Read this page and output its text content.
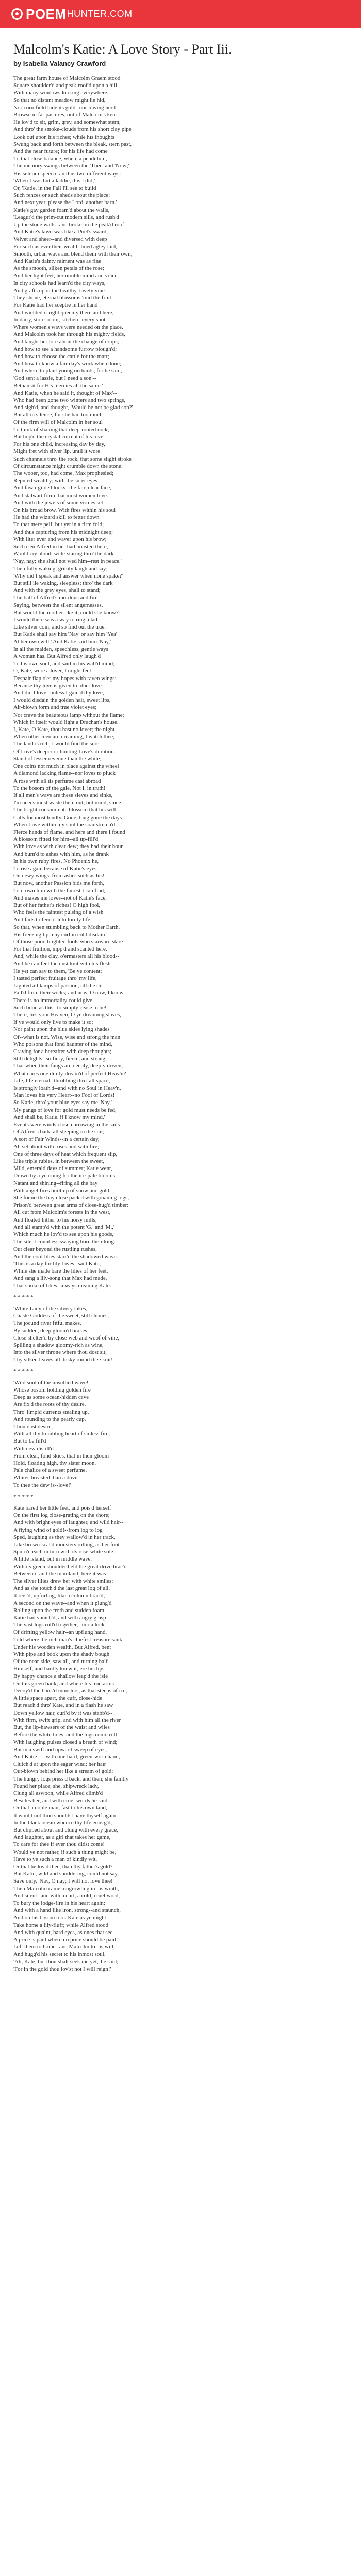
POEM HUNTER.COM
Malcolm's Katie: A Love Story - Part Iii.
by Isabella Valancy Crawford
The great farm house of Malcolm Graem stood
Square-shoulder'd and peak-roof'd upon a hill,
With many windows looking everywhere;
So that no distant meadow might lie hid,
Nor corn-field hide its gold--nor lowing herd
Browse in far pastures, out of Malcolm's ken.
He lov'd to sit, grim, grey, and somewhat stern,
And thro' the smoke-clouds from his short clay pipe
Look out upon his riches; while his thoughts
Swung back and forth between the bleak, stern past,
And the near future; for his life had come
To that close balance, when, a pendulum,
The memory swings between the 'Then' and 'Now;'
His seldom speech ran thus two different ways:
'When I was but a laddie, this I did;'
Or, 'Katie, in the Fall I'll see to build
Such fences or such sheds about the place;
And next year, please the Lord, another barn.'
Katie's gay garden foam'd about the walls,
'Leagur'd the prim-cut modern sills, and rush'd
Up the stone walls--and broke on the peak'd roof.
And Katie's lawn was like a Poet's sward,
Velvet and sheer--and diversed with deep
For such as ever their wealth-lined agley laid,
Smooth, urban ways and blend them with their own;
And Katie's dainty raiment was as fine
As the smooth, silken petals of the rose;
And her light feet, her nimble mind and voice,
In city schools had learn'd the city ways,
And grafts upon the healthy, lovely vine
They shone, eternal blossoms 'mid the fruit.
For Katie had her sceptre in her hand
And wielded it right queenly there and here,
In dairy, store-room, kitchen--every spot
Where women's ways were needed on the place.
And Malcolm took her through his mighty fields,
And taught her lore about the change of crops;
And how to see a handsome furrow plough'd;
And how to choose the cattle for the mart;
And how to know a fair day's work when done;
And where to plant young orchards; for he said,
'God sent a lassie, but I need a son'--
Bethankit for His mercies all the same.'
And Katie, when he said it, thought of Max'--
Who had been gone two winters and two springs,
And sigh'd, and thought, 'Would he not be glad son?'
But all in silence, for she had too much
Of the firm will of Malcolm in her soul
To think of shaking that deep-rooted rock;
But hop'd the crystal current of his love
For his one child, increasing day by day,
Might fret with silver lip, until it wore
Such channels thro' the rock, that some slight stroke
Of circumstance might crumble down the stone.
The wooer, too, had come, Max prophesied;
Reputed wealthy; with the surer eyes
And fawn-gilded locks--the fair, clear face,
And stalwart form that most women love.
And with the jewels of some virtues set
On his broad brow. With fires within his soul
He had the wizard skill to fetter down
To that mere pelf, but yet in a firm fold;
And thus capturing from his midnight deep;
With liter ever and waver upon his brow;
Such e'en Alfred in her had boasted there,
Would cry aloud, wide-staring thro' the dark--
'Nay, nay; she shall not wed him--rest in peace.'
Then fully waking, grimly laugh and say;
'Why did I speak and answer when none spake?'
But still lie waking, sleepless; thro' the dark
And with the grey eyes, shall to stand;
The ball of Alfred's mordnus and fire--
Saying, between the silent angernesses,
But would the mother like it, could she know?
I would there was a way to ring a lad
Like silver coin, and so find out the true.
But Katie shall say him 'Nay' or say him 'Yea'
At her own will.' And Katie said him 'Nay,'
In all the maiden, speechless, gentle ways
A woman has. But Alfred only laugh'd
To his own soul, and said in his wall'd mind;
O, Kate, were a lover, I might feel
Despair flap o'er my hopes with raven wings;
Because thy love is given to other love.
And did I love--unless I gain'd thy love,
I would disdain the golden hair, sweet lips,
Air-blown form and true violet eyes;
Nor crave the beauteous lamp without the flame;
Which in itself would light a Drachan's house.
I, Kate, O Kate, thou hast no lover; the night
When other men are dreaming, I watch thee;
The land is rich; I would find the sure
Of Love's deeper or hunting Love's duration.
Stand of lesser revenue than the white,
One coins not much in place against the wheel
A diamond lacking flame--nor loves to pluck
A rose with all its perfume cast abroad
To the bosom of the gale. Not I, in truth!
If all men's ways are these sieves and sinks,
I'm needs must waste them out, but mind, since
The bright consummate blossom that his will
Calls for most loudly. Gone, long gone the days
When Love within my soul the soar stretch'd
Fierce hands of flame, and here and there I found
A blossom fitted for him--all up-fill'd
With love as with clear dew; they had their hour
And burn'd to ashes with him, as he drank
In his own ruby fires. No Phoenix he,
To rise again because of Katie's eyes,
On dewy wings, from ashes such as his!
But now, another Passion bids me forth,
To crown him with the fairest I can find,
And makes me lover--not of Katie's face,
But of her father's riches! O high fool,
Who feels the faintest pulsing of a wish
And fails to feed it into lordly life!
So that, when stumbling back to Mother Earth,
His freezing lip may curl in cold disdain
Of those poor, blighted fools who starward stare
For that fruition, nipp'd and scanted here.
And, while the clay, o'ermasters all his blood--
And he can feel the dust knit with his flesh--
He yet can say to them, 'Be ye content;
I tasted perfect fruitage thro' my life,
Lighted all lamps of passion, till the oil
Fail'd from their wicks; and now, O now, I know
There is no immortality could give
Such boon as this--to simply cease to be!
There, lies your Heaven, O ye dreaming slaves,
If ye would only live to make it so;
Nor paint upon the blue skies lying shades
Of--what is not. Wise, wise and strong the man
Who poisons that fond haunter of the mind,
Craving for a hereafter with deep thoughts;
Still delights--so fiery, fierce, and strong,
That when their fangs are deeply, deeply driven,
What cares one dimly-dream'd of perfect Heav'n?
Life, life eternal--throbbing thro' all space,
Is strongly loath'd--and with no Soul in Heav'n,
Man loves his very Heart--no Fool of Lords!
So Katie, thro' your blue eyes say me 'Nay,'
My pangs of love for gold must needs be fed,
And shall be, Katie, if I know my mind.'
Events were winds close narrowing in the sails
Of Alfred's bark, all sleeping in the sun;
A sort of Fair Winds--in a certain day,
All set about with roses and with fire;
One of three days of heat which frequent slip,
Like triple rubies, in between the sweet,
Mild, emerald days of summer; Katie went,
Drawn by a yearning for the ice-pale blooms,
Natant and shining--firing all the bay
With angel fires built up of snow and gold.
She found the bay close pack'd with groaning logs,
Prison'd between great arms of close-hug'd timber:
All cut from Malcolm's forests in the west,
And floated hither to his noisy mills;
And all stamp'd with the potent 'G.' and 'M.,'
Which much he lov'd to see upon his goods,
The silent countless swaying horn their king.
Out clear beyond the rustling rushes,
And the cool lilies starr'd the shadowed wave.
'This is a day for lily-loves,' said Kate,
While she made bare the lilies of her feet,
And sang a lily-song that Max had made,
That spoke of lilies--always meaning Kate:
* * * * *
'White Lady of the silvery lakes,
Chaste Goddess of the sweet, still shrines,
The jocund river fitful makes,
By sudden, deep gloom'd brakes,
Close shelter'd by close web and woof of vine,
Spilling a shadow gloomy-rich as wine,
Into the silver throne where thou dost sit,
Thy silken leaves all dusky round thee knit!
* * * * *
'Wild soul of the unsullied wave!
Whose bosom holding golden fire
Deep as some ocean-hidden cave
Are fix'd the roots of thy desire,
Thro' limpid currents stealing up,
And rounding to the pearly cup.
Thou dost desire,
With all thy trembling heart of sinless fire,
But to be fill'd
With dew distill'd
From clear, fond skies, that in their gloom
Hold, floating high, thy sister moon.
Pale chalice of a sweet perfume,
Whiter-breasted than a dove--
To thee the dew is--love!'
* * * * *
Kate bared her little feet, and pois'd herself
On the first log close-grating on the shore;
And with bright eyes of laughter, and wild hair--
A flying wind of gold!--from log to log
Sped, laughing as they wallow'd in her track,
Like brown-scal'd monsters rolling, as her foot
Spurn'd each in turn with its rose-white sole.
A little island, out in middle wave,
With its green shoulder held the great drive brac'd
Between it and the mainland; here it was
The silver lilies drew her with white smiles;
And as she touch'd the last great log of all,
It reel'd, upfurling, like a column brac'd;
A second on the wave--and when it plung'd
Rolling upon the froth and sudden foam,
Katie had vanish'd, and with angry grasp
The vast logs roll'd together,--nor a lock
Of drifting yellow hair--an upflung hand,
Told where the rich man's chiefest treasure sank
Under his wooden wealth. But Alfred, bent
With pipe and book upon the shady bough
Of the near-side, saw all, and turning half
Himself, and hardly knew it, ere his lips
By happy chance a shallow leap'd the isle
On this green bank; and where his iron arms
Decoy'd the bank'd monsters, as that steeps of ice,
A little space apart, the cuff, close-hide
But reach'd thro' Kate, and in a flash he saw
Down yellow hair, curl'd by it was stabb'd--
With firm, swift grip, and with him all the river
But, the lip-hawsers of the waist and wiles
Before the white tides, and the logs could roll
With laughing pulses closed a breath of wind;
But in a swift and upward sweep of eyes,
And Katie ----with one hard, green-worn hand,
Clutch'd at upon the eager wind; her hair
Out-blown behind her like a stream of gold;
The hungry logs press'd back, and then; she faintly
Found her place; she, shipwreck lady,
Clung all aswoon, while Alfred climb'd
Besides her, and with cruel words he said:
Or that a noble man, fast to his own land,
It would not thou shouldst have thyself again
In the black ocean whence thy life emerg'd,
But clipped about and clung with every grace,
And laughter, as a girl that takes her game,
To care for thee if ever thou didst come!
Would ye not rather, if such a thing might be,
Have to ye such a man of kindly wit,
Or that he lov'd thee, than thy father's gold?
But Katie, wild and shuddering, could not say,
Save only, 'Nay, O nay; I will not love thee!'
Then Malcolm came, ungrowling in his wrath,
And silent--and with a curl, a cold, cruel word,
To bury the lodge-fire in his heart again;
And with a hand like iron, strong--and staunch,
And on his bosom took Kate as ye might
Take home a lily-fluff; while Alfred stood
And with quaint, hard eyes, as ones that see
A price is paid where no price should be paid,
Left them to home--and Malcolm to his will;
And hugg'd his secret to his inmost soul.
'Ah, Kate, but thou shalt seek me yet,' he said;
'For in the gold thou lov'st not I will reign!'
